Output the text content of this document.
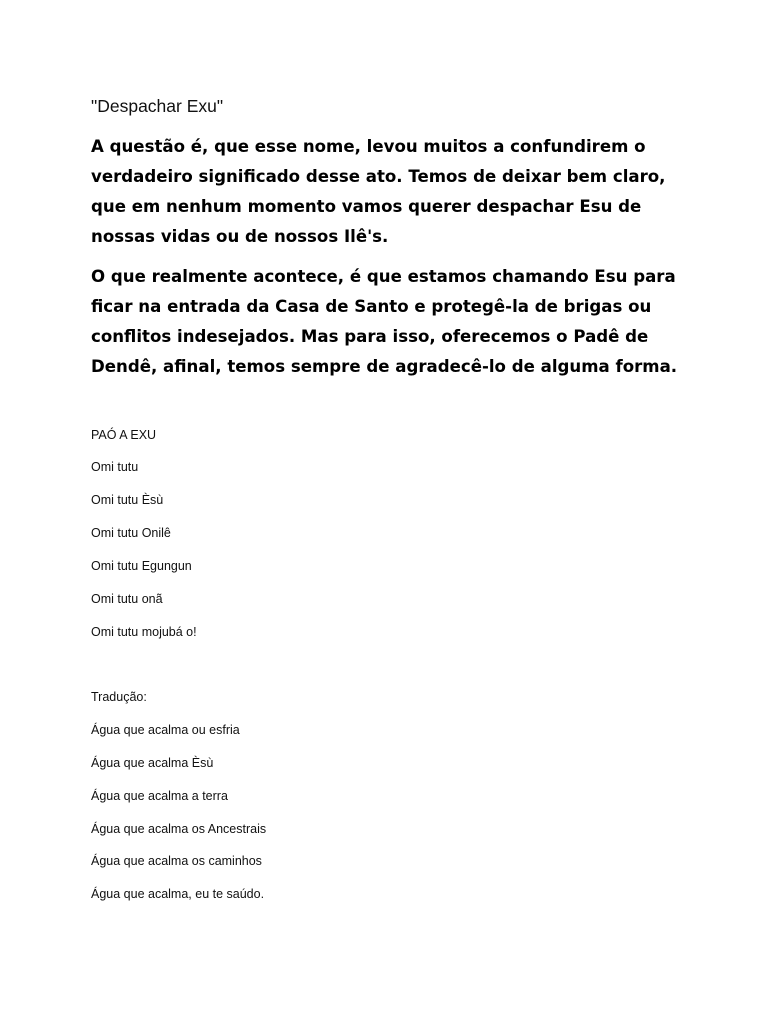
"Despachar Exu"

A questão é, que esse nome, levou muitos a confundirem o verdadeiro significado desse ato. Temos de deixar bem claro, que em nenhum momento vamos querer despachar Esu de nossas vidas ou de nossos Ilê's.

O que realmente acontece, é que estamos chamando Esu para ficar na entrada da Casa de Santo e protegê-la de brigas ou conflitos indesejados. Mas para isso, oferecemos o Padê de Dendê, afinal, temos sempre de agradecê-lo de alguma forma.

PAÓ A EXU
Omi tutu
Omi tutu Èsù
Omi tutu Onilê
Omi tutu Egungun
Omi tutu onã
Omi tutu mojubá o!
Tradução:
Água que acalma ou esfria
Água que acalma Èsù
Água que acalma a terra
Água que acalma os Ancestrais
Água que acalma os caminhos
Água que acalma, eu te saúdo.
